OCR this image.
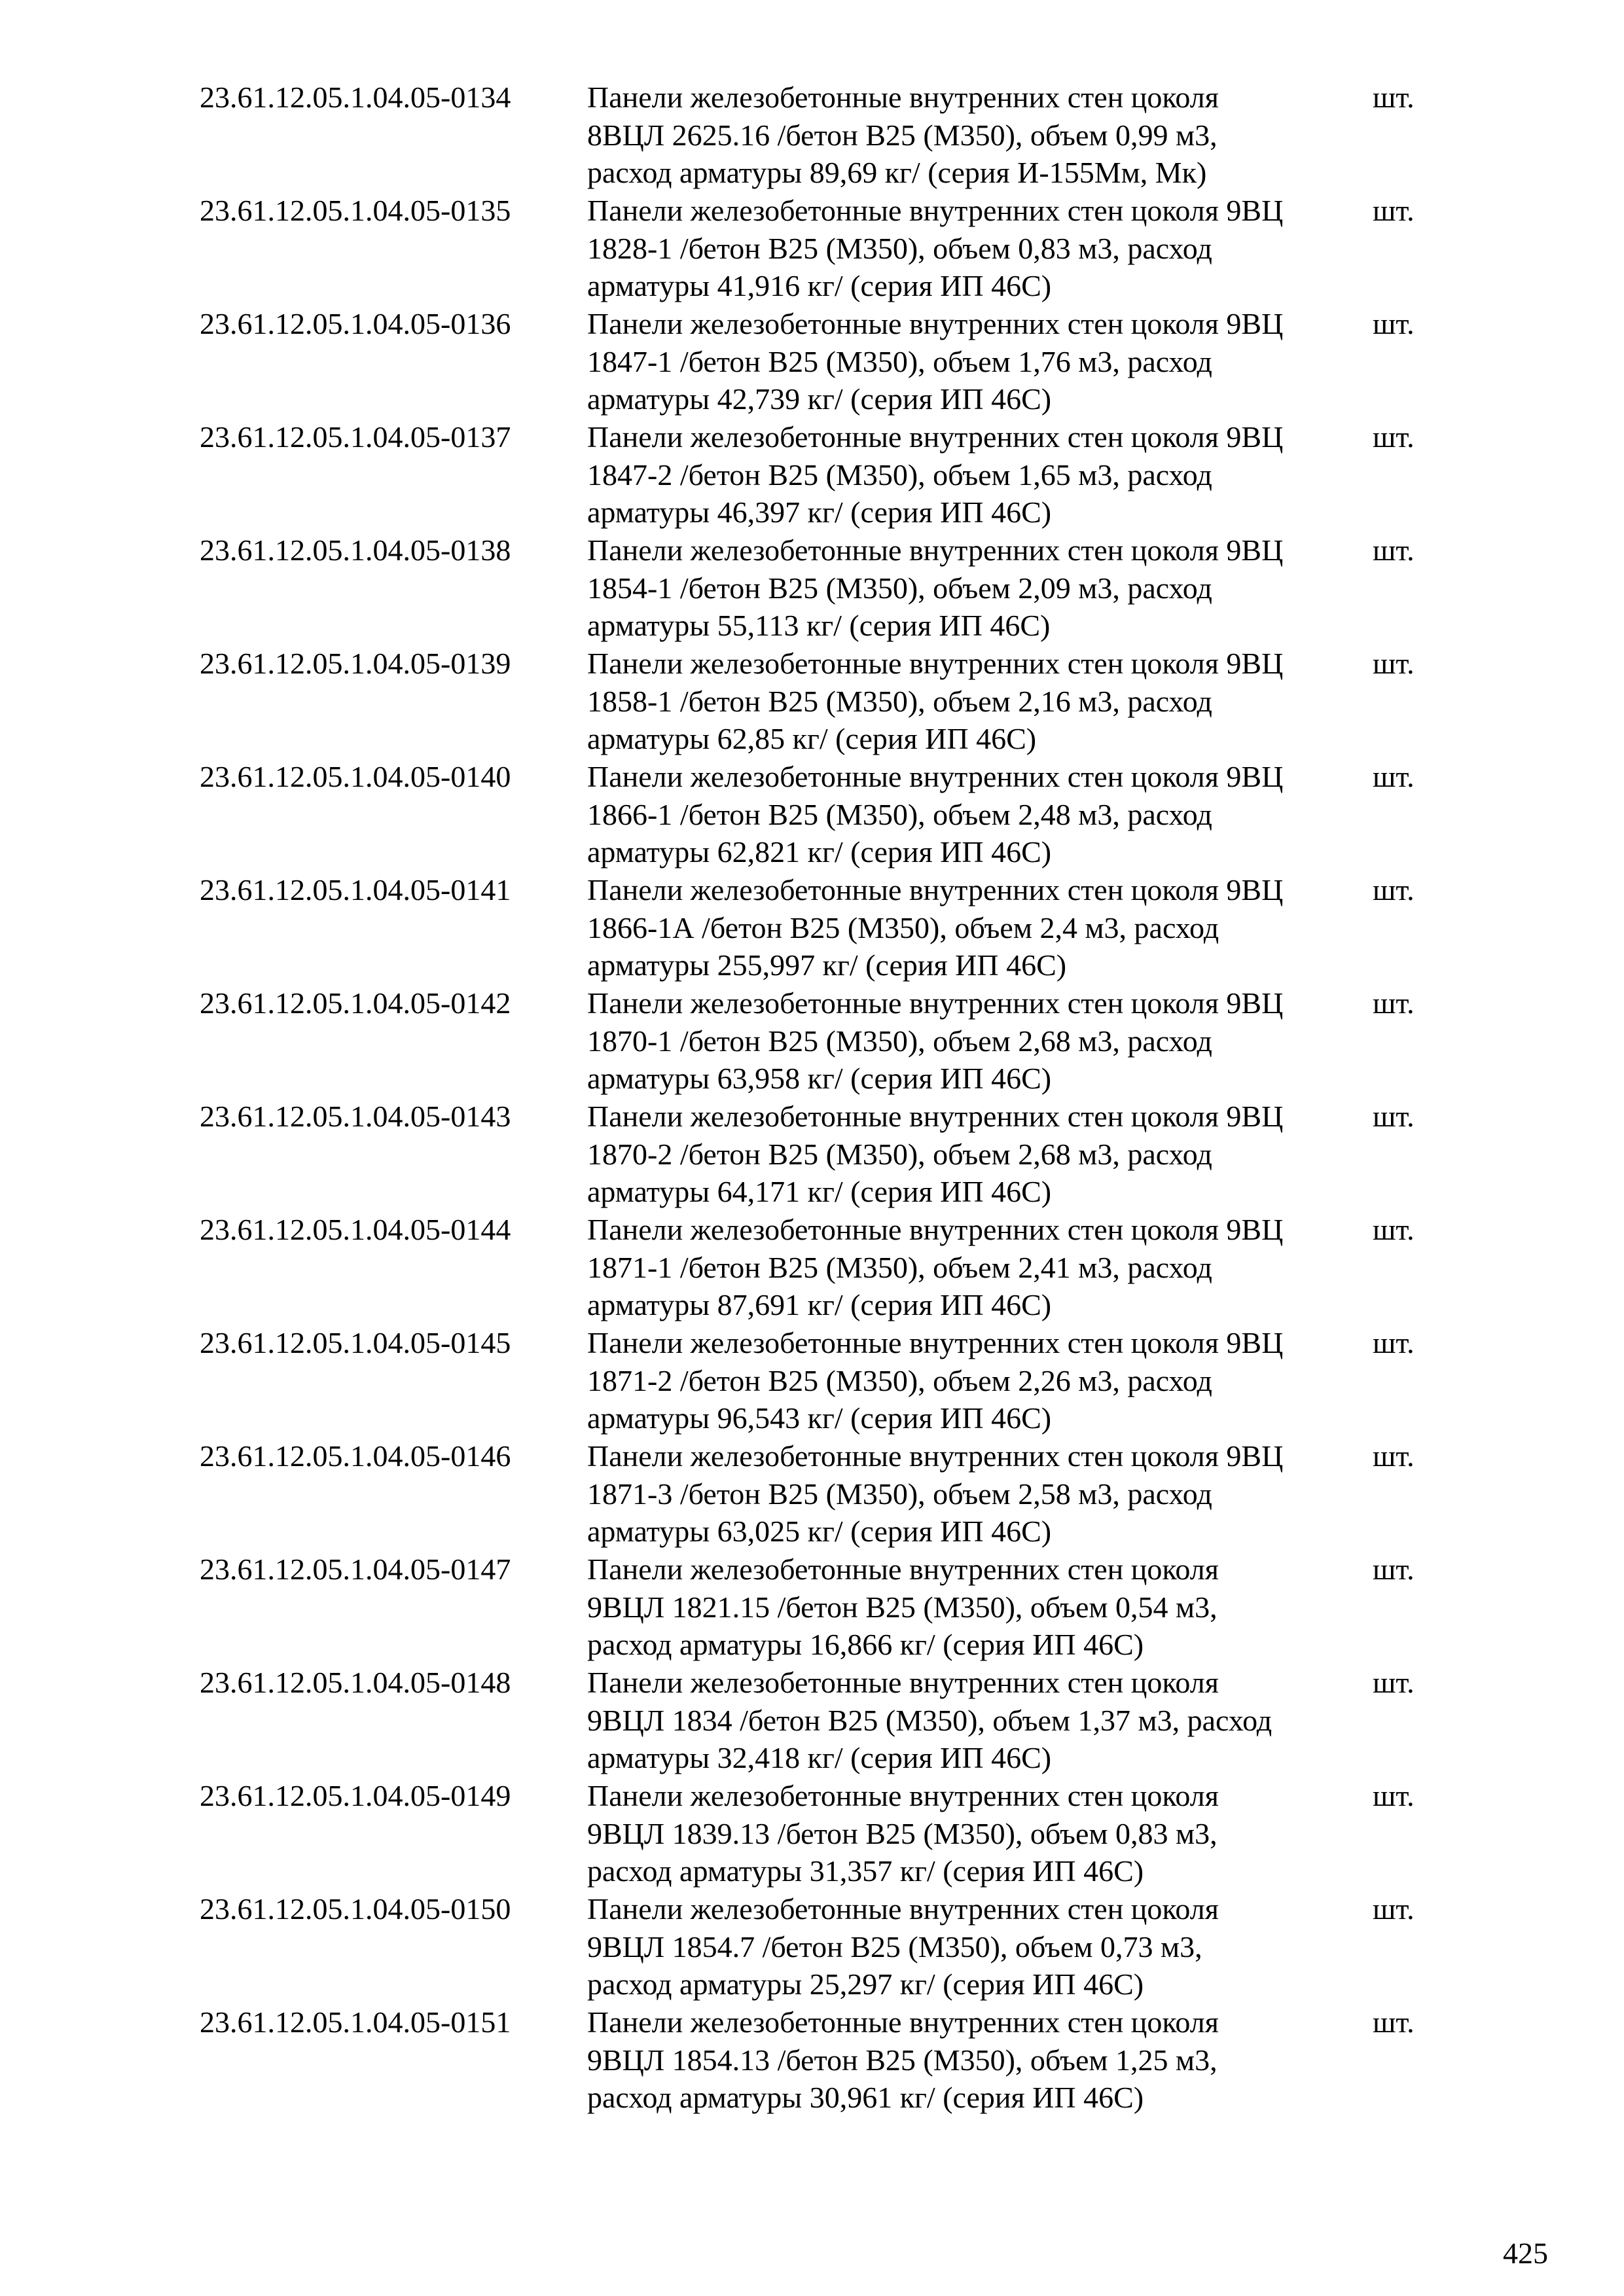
23.61.12.05.1.04.05-0134	Панели железобетонные внутренних стен цоколя
8ВЦЛ 2625.16 /бетон В25 (М350), объем 0,99 м3,
расход арматуры 89,69 кг/ (серия И-155Мм, Мк)
шт.
23.61.12.05.1.04.05-0135	Панели железобетонные внутренних стен цоколя 9ВЦ
1828-1 /бетон В25 (М350), объем 0,83 м3, расход
арматуры 41,916 кг/ (серия ИП 46С)
шт.
23.61.12.05.1.04.05-0136	Панели железобетонные внутренних стен цоколя 9ВЦ
1847-1 /бетон В25 (М350), объем 1,76 м3, расход
арматуры 42,739 кг/ (серия ИП 46С)
шт.
23.61.12.05.1.04.05-0137	Панели железобетонные внутренних стен цоколя 9ВЦ
1847-2 /бетон В25 (М350), объем 1,65 м3, расход
арматуры 46,397 кг/ (серия ИП 46С)
шт.
23.61.12.05.1.04.05-0138	Панели железобетонные внутренних стен цоколя 9ВЦ
1854-1 /бетон В25 (М350), объем 2,09 м3, расход
арматуры 55,113 кг/ (серия ИП 46С)
шт.
23.61.12.05.1.04.05-0139	Панели железобетонные внутренних стен цоколя 9ВЦ
1858-1 /бетон В25 (М350), объем 2,16 м3, расход
арматуры 62,85 кг/ (серия ИП 46С)
шт.
23.61.12.05.1.04.05-0140	Панели железобетонные внутренних стен цоколя 9ВЦ
1866-1 /бетон В25 (М350), объем 2,48 м3, расход
арматуры 62,821 кг/ (серия ИП 46С)
шт.
23.61.12.05.1.04.05-0141	Панели железобетонные внутренних стен цоколя 9ВЦ
1866-1А /бетон В25 (М350), объем 2,4 м3, расход
арматуры 255,997 кг/ (серия ИП 46С)
шт.
23.61.12.05.1.04.05-0142	Панели железобетонные внутренних стен цоколя 9ВЦ
1870-1 /бетон В25 (М350), объем 2,68 м3, расход
арматуры 63,958 кг/ (серия ИП 46С)
шт.
23.61.12.05.1.04.05-0143	Панели железобетонные внутренних стен цоколя 9ВЦ
1870-2 /бетон В25 (М350), объем 2,68 м3, расход
арматуры 64,171 кг/ (серия ИП 46С)
шт.
23.61.12.05.1.04.05-0144	Панели железобетонные внутренних стен цоколя 9ВЦ
1871-1 /бетон В25 (М350), объем 2,41 м3, расход
арматуры 87,691 кг/ (серия ИП 46С)
шт.
23.61.12.05.1.04.05-0145	Панели железобетонные внутренних стен цоколя 9ВЦ
1871-2 /бетон В25 (М350), объем 2,26 м3, расход
арматуры 96,543 кг/ (серия ИП 46С)
шт.
23.61.12.05.1.04.05-0146	Панели железобетонные внутренних стен цоколя 9ВЦ
1871-3 /бетон В25 (М350), объем 2,58 м3, расход
арматуры 63,025 кг/ (серия ИП 46С)
шт.
23.61.12.05.1.04.05-0147	Панели железобетонные внутренних стен цоколя
9ВЦЛ 1821.15 /бетон В25 (М350), объем 0,54 м3,
расход арматуры 16,866 кг/ (серия ИП 46С)
шт.
23.61.12.05.1.04.05-0148	Панели железобетонные внутренних стен цоколя
9ВЦЛ 1834 /бетон В25 (М350), объем 1,37 м3, расход
арматуры 32,418 кг/ (серия ИП 46С)
шт.
23.61.12.05.1.04.05-0149	Панели железобетонные внутренних стен цоколя
9ВЦЛ 1839.13 /бетон В25 (М350), объем 0,83 м3,
расход арматуры 31,357 кг/ (серия ИП 46С)
шт.
23.61.12.05.1.04.05-0150	Панели железобетонные внутренних стен цоколя
9ВЦЛ 1854.7 /бетон В25 (М350), объем 0,73 м3,
расход арматуры 25,297 кг/ (серия ИП 46С)
шт.
23.61.12.05.1.04.05-0151	Панели железобетонные внутренних стен цоколя
9ВЦЛ 1854.13 /бетон В25 (М350), объем 1,25 м3,
расход арматуры 30,961 кг/ (серия ИП 46С)
шт.
425
